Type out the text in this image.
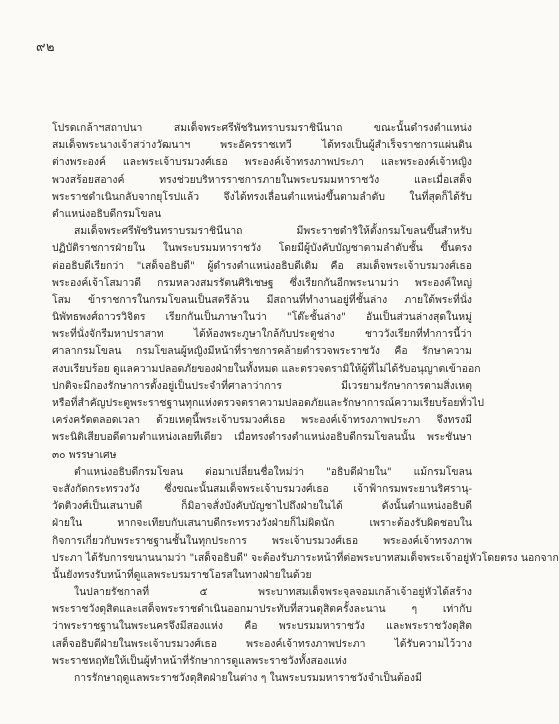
๙๒
โปรดเกล้าฯสถาปนา สมเด็จพระศรีพัชรินทราบรมราชินีนาถ ขณะนั้นดำรงตำแหน่ง
สมเด็จพระนางเจ้าสว่างวัฒนาฯ พระอัครราชเทวี ได้ทรงเป็นผู้สำเร็จราชการแผ่นดิน
ต่างพระองค์ และพระเจ้าบรมวงศ์เธอ พระองค์เจ้าทรงภาพประภา และพระองค์เจ้าหญิง
พวงสร้อยสอางค์ ทรงช่วยบริหารราชการภายในพระบรมมหาราชวัง และเมื่อเสด็จ
พระราชดำเนินกลับจากยุโรปแล้ว จึงได้ทรงเลื่อนตำแหน่งขึ้นตามลำดับ ในที่สุดก็ได้รับ
ตำแหน่งอธิบดีกรมโขลน
สมเด็จพระศรีพัชรินทราบรมราชินีนาถ มีพระราชดำริให้ตั้งกรมโขลนขึ้นสำหรับ
ปฏิบัติราชการฝ่ายใน ในพระบรมมหาราชวัง โดยมีผู้บังคับบัญชาตามลำดับชั้น ขึ้นตรง
ต่ออธิบดีเรียกว่า "เสด็จอธิบดี" ผู้ดำรงตำแหน่งอธิบดีเดิม คือ สมเด็จพระเจ้าบรมวงศ์เธอ
พระองค์เจ้าโสมาวดี กรมหลวงสมรรัตนศิริเชษฐ ซึ่งเรียกกันอีกพระนามว่า พระองค์ใหญ่
โสม ข้าราชการในกรมโขลนเป็นสตรีล้วน มีสถานที่ทำงานอยู่ที่ชั้นล่าง ภายใต้พระที่นั่ง
นิพัทธพงศ์ถาวรวิจิตร เรียกกันเป็นภาษาในว่า "โต๊ะชั้นล่าง" อันเป็นส่วนล่างสุดในหมู่
พระที่นั่งจักรีมหาปราสาท ได้ห้องพระภูษาใกล้กับประตูช่าง ชาววังเรียกที่ทำการนี้ว่า
ศาลากรมโขลน กรมโขลนผู้หญิงมีหน้าที่ราชการคล้ายตำรวจพระราชวัง คือ รักษาความ
สงบเรียบร้อย ดูแลความปลอดภัยของฝ่ายในทั้งหมด และตรวจตรามิให้ผู้ที่ไม่ได้รับอนุญาตเข้าออก
ปกติจะมีกองรักษาการตั้งอยู่เป็นประจำที่ศาลาว่าการ มีเวรยามรักษาการตามสิ่งเหตุ
หรือที่สำคัญประตูพระราชฐานทุกแห่งตรวจตราความปลอดภัยและรักษาการณ์ความเรียบร้อยทั่วไป
เคร่งครัดตลอดเวลา ด้วยเหตุนี้พระเจ้าบรมวงศ์เธอ พระองค์เจ้าทรงภาพประภา จึงทรงมี
พระนิติเสียบอดีตามตำแหน่งเลยทีเดียว เมื่อทรงดำรงตำแหน่งอธิบดีกรมโขลนนั้น พระชันษา
๓๐ พรรษาเศษ
ตำแหน่งอธิบดีกรมโขลน ต่อมาเปลี่ยนชื่อใหม่ว่า "อธิบดีฝ่ายใน" แม้กรมโขลน
จะสังกัดกระทรวงวัง ซึ่งขณะนั้นสมเด็จพระเจ้าบรมวงศ์เธอ เจ้าฟ้ากรมพระยานริศรานุ-
วัดติวงศ์เป็นเสนาบดี ก็มิอาจสั่งบังคับบัญชาไปถึงฝ่ายในได้ ดังนั้นตำแหน่งอธิบดี
ฝ่ายใน หากจะเทียบกับเสนาบดีกระทรวงวังฝ่ายก็ไม่ผิดนัก เพราะต้องรับผิดชอบใน
กิจการเกี่ยวกับพระราชฐานชั้นในทุกประการ พระเจ้าบรมวงศ์เธอ พระองค์เจ้าทรงภาพ
ประภา ได้รับการขนานนามว่า "เสด็จอธิบดี" จะต้องรับภาระหน้าที่ต่อพระบาทสมเด็จพระเจ้าอยู่หัวโดยตรง นอกจาก
นั้นยังทรงรับหน้าที่ดูแลพระบรมราชโอรสในทางฝ่ายในด้วย
ในปลายรัชกาลที่ ๕ พระบาทสมเด็จพระจุลจอมเกล้าเจ้าอยู่หัวได้สร้าง
พระราชวังดุสิตและเสด็จพระราชดำเนินออกมาประทับที่สวนดุสิตครั้งละนาน ๆ เท่ากับ
ว่าพระราชฐานในพระนครจึงมีสองแห่ง คือ พระบรมมหาราชวัง และพระราชวังดุสิต
เสด็จอธิบดีฝ่ายในพระเจ้าบรมวงศ์เธอ พระองค์เจ้าทรงภาพประภา ได้รับความไว้วาง
พระราชหฤทัยให้เป็นผู้ทำหน้าที่รักษาการดูแลพระราชวังทั้งสองแห่ง
การรักษาฤดูแลพระราชวังดุสิตฝ่ายในต่าง ๆ ในพระบรมมหาราชวังจำเป็นต้องมี
